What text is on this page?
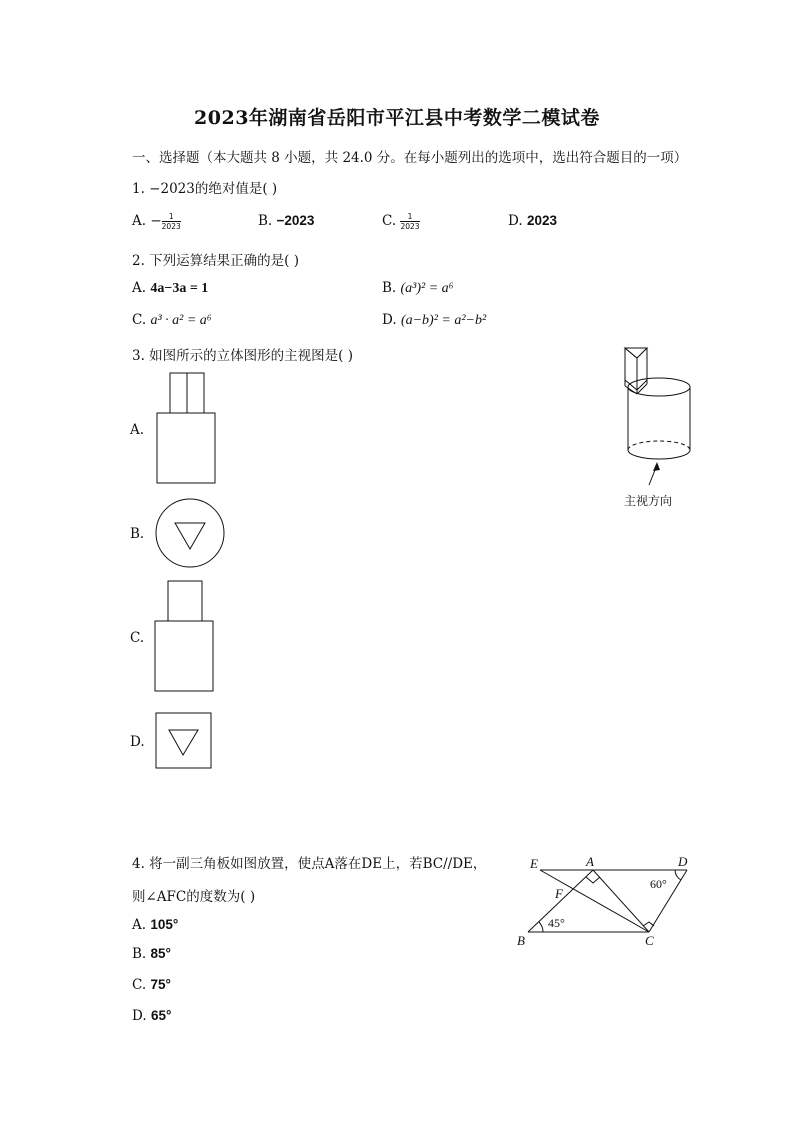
2023年湖南省岳阳市平江县中考数学二模试卷
一、选择题（本大题共 8 小题，共 24.0 分。在每小题列出的选项中，选出符合题目的一项）
1. −2023的绝对值是( )
A. − $\frac{1}{2023}$	B. −2023	C. $\frac{1}{2023}$	D. 2023
2. 下列运算结果正确的是( )
A. 4a−3a = 1	B. (a³)² = a⁶
C. a³ · a² = a⁶	D. (a−b)² = a²−b²
3. 如图所示的立体图形的主视图是( )
A.
B.
C.
D.
主视方向
4. 将一副三角板如图放置，使点A落在DE上，若BC//DE，
则∠AFC的度数为( )
A. 105°
B. 85°
C. 75°
D. 65°
E	A	D
F
B	C
60°
45°
